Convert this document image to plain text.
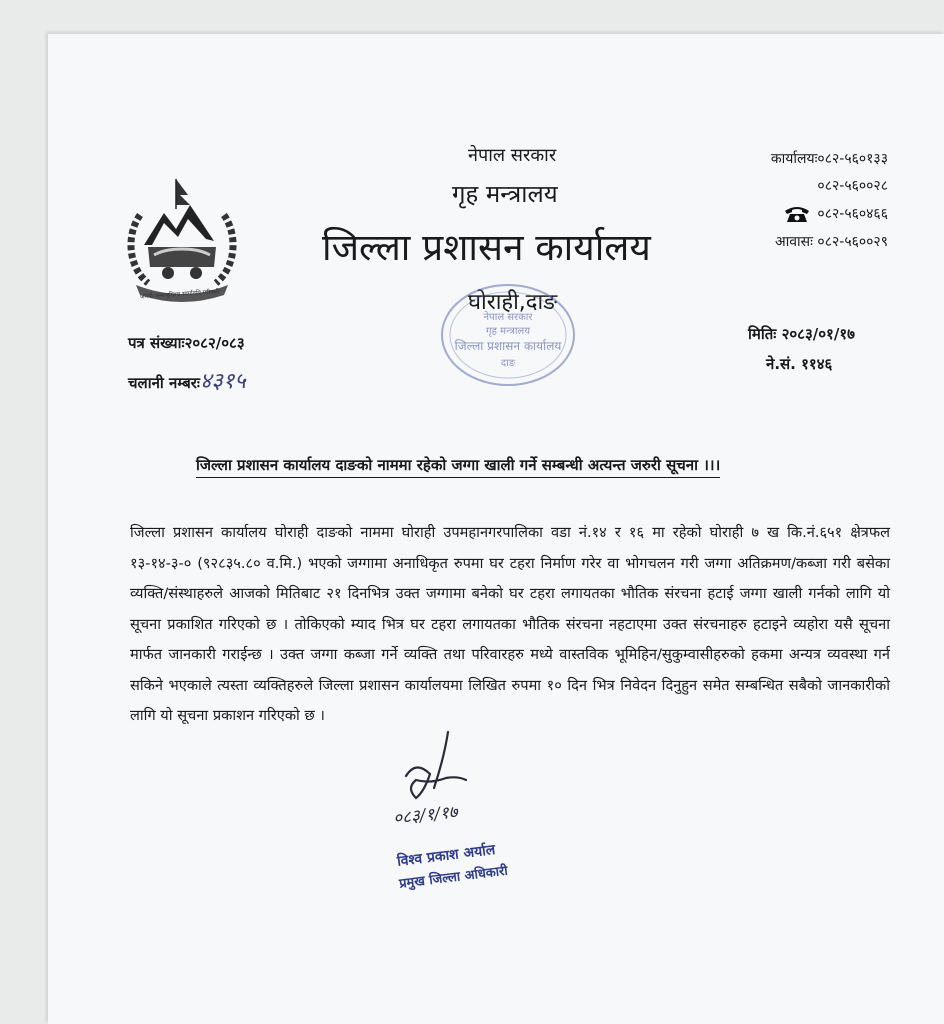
जननी जन्मभूमिश्च स्वर्गादपि गरीयसी
नेपाल सरकार
गृह मन्त्रालय
जिल्ला प्रशासन कार्यालय
घोराही,दाङ
कार्यालयः०८२-५६०१३३
०८२-५६००२८
०८२-५६०४६६
आवासः ०८२-५६००२९
नेपाल सरकार
गृह मन्त्रालय
जिल्ला प्रशासन कार्यालय
दाङ
पत्र संख्याः२०८२/०८३
चलानी नम्बरः४३१५
मितिः २०८३/०१/१७
ने.सं. ११४६
जिल्ला प्रशासन कार्यालय दाङको नाममा रहेको जग्गा खाली गर्ने सम्बन्धी अत्यन्त जरुरी सूचना ।।।
जिल्ला प्रशासन कार्यालय घोराही दाङको नाममा घोराही उपमहानगरपालिका वडा नं.१४ र १६ मा रहेको घोराही ७ ख कि.नं.६५१ क्षेत्रफल १३-१४-३-० (९२८३५.८० व.मि.) भएको जग्गामा अनाधिकृत रुपमा घर टहरा निर्माण गरेर वा भोगचलन गरी जग्गा अतिक्रमण/कब्जा गरी बसेका व्यक्ति/संस्थाहरुले आजको मितिबाट २१ दिनभित्र उक्त जग्गामा बनेको घर टहरा लगायतका भौतिक संरचना हटाई जग्गा खाली गर्नको लागि यो सूचना प्रकाशित गरिएको छ । तोकिएको म्याद भित्र घर टहरा लगायतका भौतिक संरचना नहटाएमा उक्त संरचनाहरु हटाइने व्यहोरा यसै सूचना मार्फत जानकारी गराईन्छ । उक्त जग्गा कब्जा गर्ने व्यक्ति तथा परिवारहरु मध्ये वास्तविक भूमिहिन/सुकुम्वासीहरुको हकमा अन्यत्र व्यवस्था गर्न सकिने भएकाले त्यस्ता व्यक्तिहरुले जिल्ला प्रशासन कार्यालयमा लिखित रुपमा १० दिन भित्र निवेदन दिनुहुन समेत सम्बन्धित सबैको जानकारीको लागि यो सूचना प्रकाशन गरिएको छ ।
०८३/१/१७
विश्व प्रकाश अर्याल
प्रमुख जिल्ला अधिकारी
